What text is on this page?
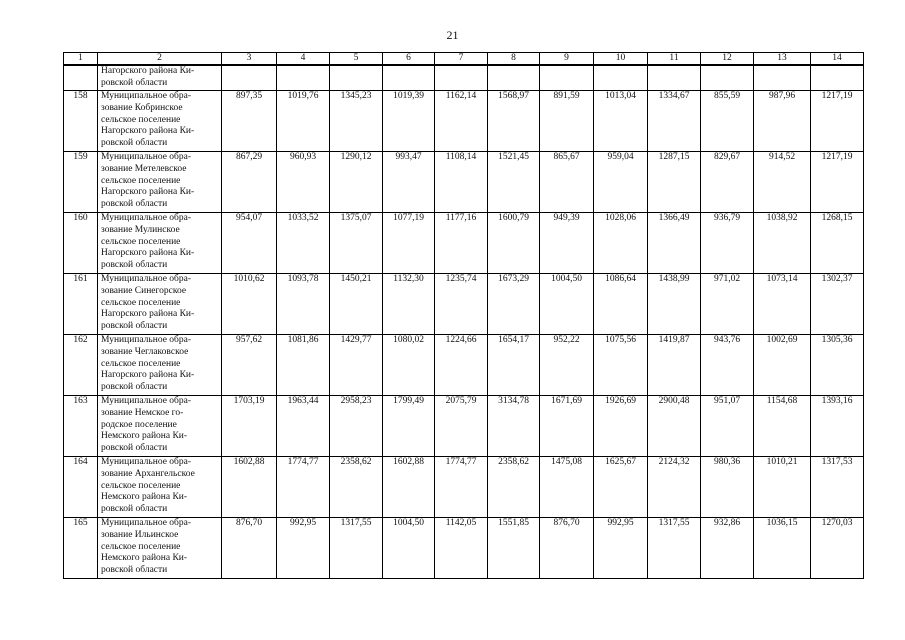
21
1	2	3	4	5	6	7	8	9	10	11	12	13	14

	Нагорского района Ки-
ровской области												

158	Муниципальное обра-
зование Кобринское
сельское поселение
Нагорского района Ки-
ровской области	897,35	1019,76	1345,23	1019,39	1162,14	1568,97	891,59	1013,04	1334,67	855,59	987,96	1217,19
159	Муниципальное обра-
зование Метелевское
сельское поселение
Нагорского района Ки-
ровской области	867,29	960,93	1290,12	993,47	1108,14	1521,45	865,67	959,04	1287,15	829,67	914,52	1217,19
160	Муниципальное обра-
зование Мулинское
сельское поселение
Нагорского района Ки-
ровской области	954,07	1033,52	1375,07	1077,19	1177,16	1600,79	949,39	1028,06	1366,49	936,79	1038,92	1268,15
161	Муниципальное обра-
зование Синегорское
сельское поселение
Нагорского района Ки-
ровской области	1010,62	1093,78	1450,21	1132,30	1235,74	1673,29	1004,50	1086,64	1438,99	971,02	1073,14	1302,37
162	Муниципальное обра-
зование Чеглаковское
сельское поселение
Нагорского района Ки-
ровской области	957,62	1081,86	1429,77	1080,02	1224,66	1654,17	952,22	1075,56	1419,87	943,76	1002,69	1305,36
163	Муниципальное обра-
зование Немское го-
родское поселение
Немского района Ки-
ровской области	1703,19	1963,44	2958,23	1799,49	2075,79	3134,78	1671,69	1926,69	2900,48	951,07	1154,68	1393,16
164	Муниципальное обра-
зование Архангельское
сельское поселение
Немского района Ки-
ровской области	1602,88	1774,77	2358,62	1602,88	1774,77	2358,62	1475,08	1625,67	2124,32	980,36	1010,21	1317,53
165	Муниципальное обра-
зование Ильинское
сельское поселение
Немского района Ки-
ровской области	876,70	992,95	1317,55	1004,50	1142,05	1551,85	876,70	992,95	1317,55	932,86	1036,15	1270,03
